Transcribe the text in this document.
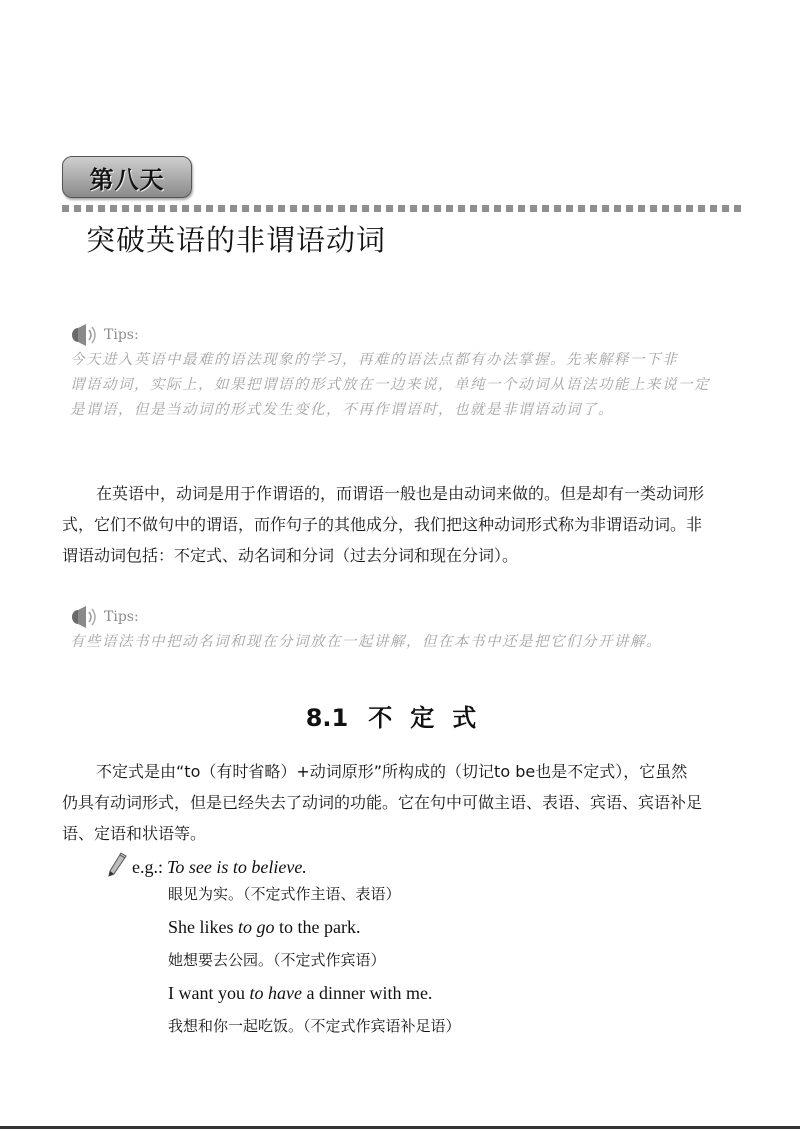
第八天
突破英语的非谓语动词
Tips:
今天进入英语中最难的语法现象的学习，再难的语法点都有办法掌握。先来解释一下非
谓语动词，实际上，如果把谓语的形式放在一边来说，单纯一个动词从语法功能上来说一定
是谓语，但是当动词的形式发生变化，不再作谓语时，也就是非谓语动词了。
在英语中，动词是用于作谓语的，而谓语一般也是由动词来做的。但是却有一类动词形
式，它们不做句中的谓语，而作句子的其他成分，我们把这种动词形式称为非谓语动词。非
谓语动词包括：不定式、动名词和分词（过去分词和现在分词）。
Tips:
有些语法书中把动名词和现在分词放在一起讲解，但在本书中还是把它们分开讲解。
8.1 不定式
不定式是由“to（有时省略）+动词原形”所构成的（切记to be也是不定式），它虽然
仍具有动词形式，但是已经失去了动词的功能。它在句中可做主语、表语、宾语、宾语补足
语、定语和状语等。
e.g.: To see is to believe.
眼见为实。（不定式作主语、表语）
She likes to go to the park.
她想要去公园。（不定式作宾语）
I want you to have a dinner with me.
我想和你一起吃饭。（不定式作宾语补足语）
